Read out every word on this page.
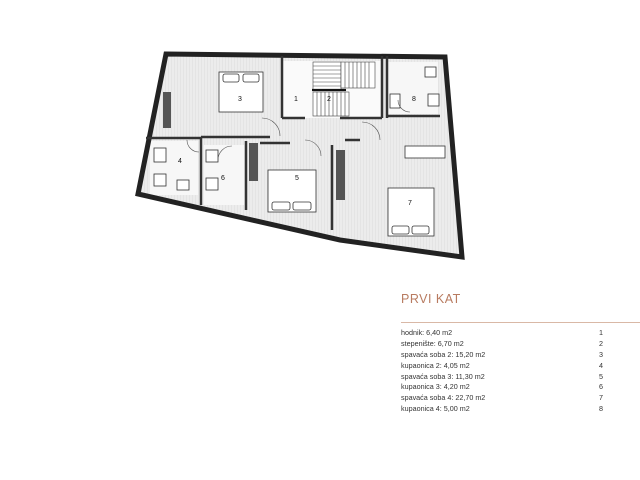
1	2
3
4
5
6
7
8
PRVI KAT
hodnik: 6,40 m2	1
stepenište: 6,70 m2	2
spavaća soba 2: 15,20 m2	3
kupaonica 2: 4,05 m2	4
spavaća soba 3: 11,30 m2	5
kupaonica 3: 4,20 m2	6
spavaća soba 4: 22,70 m2	7
kupaonica 4: 5,00 m2	8
